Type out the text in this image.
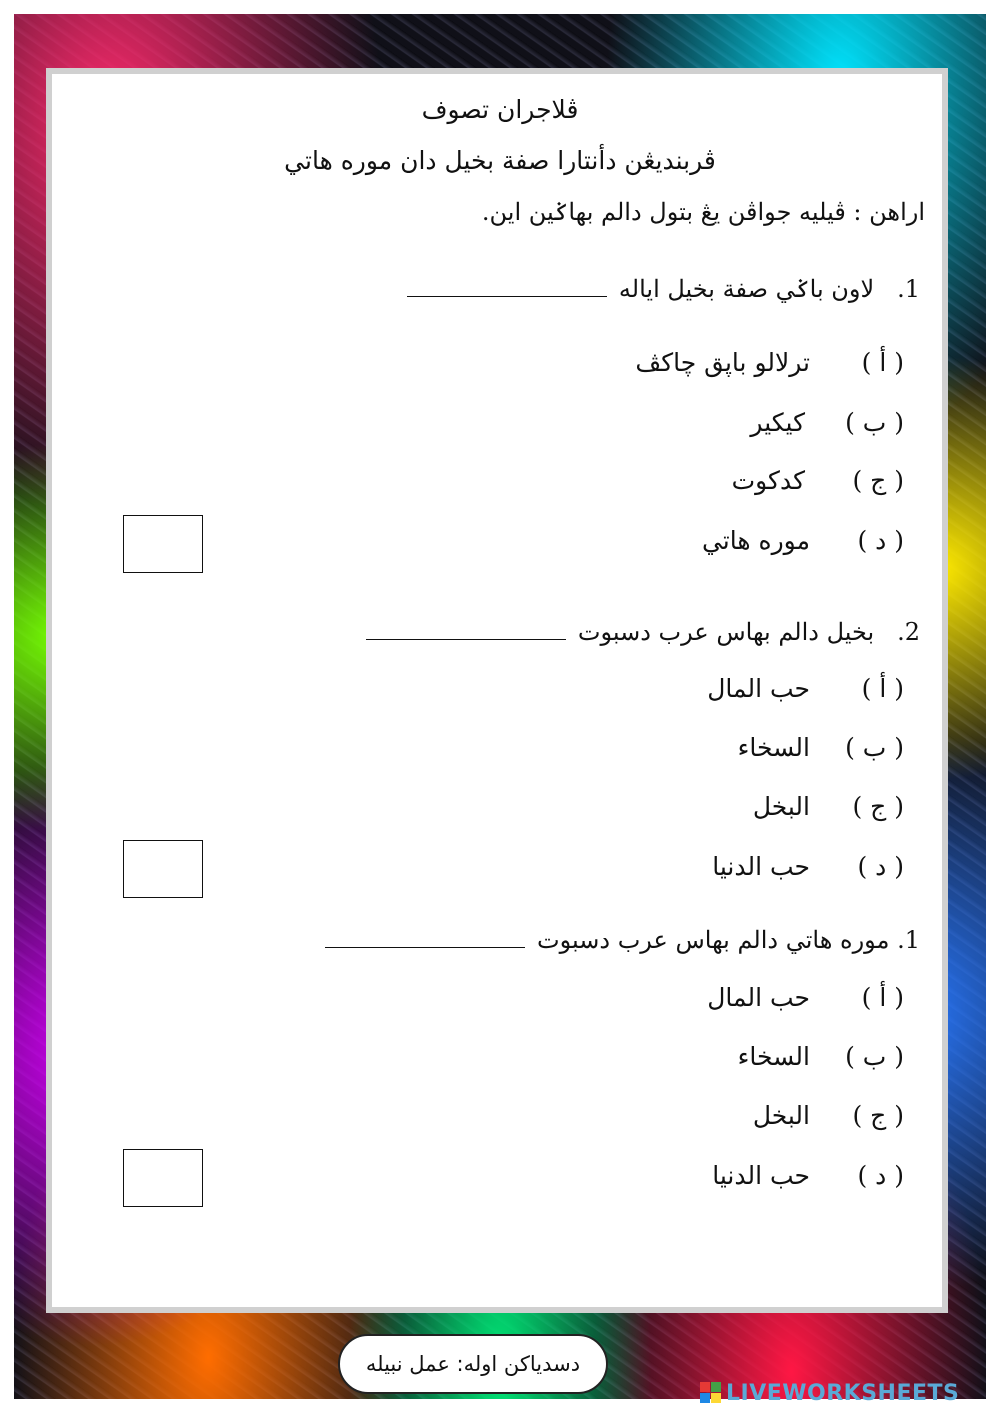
ڤلاجران تصوف
ڤربنديڠن دأنتارا صفة بخيل دان موره هاتي
اراهن : ڤيليه جواڤن يڠ بتول دالم بهاݢين اين.
1.   لاون باݢي صفة بخيل اياله
( أ )
ترلالو باڽق چاکڤ
( ب )
كيكير
( ج )
كدكوت
( د )
موره هاتي
2.   بخيل دالم بهاس عرب دسبوت
( أ )
حب المال
( ب )
السخاء
( ج )
البخل
( د )
حب الدنيا
1. موره هاتي دالم بهاس عرب دسبوت
( أ )
حب المال
( ب )
السخاء
( ج )
البخل
( د )
حب الدنيا
دسدياكن اوله: عمل نبيله
LIVEWORKSHEETS
